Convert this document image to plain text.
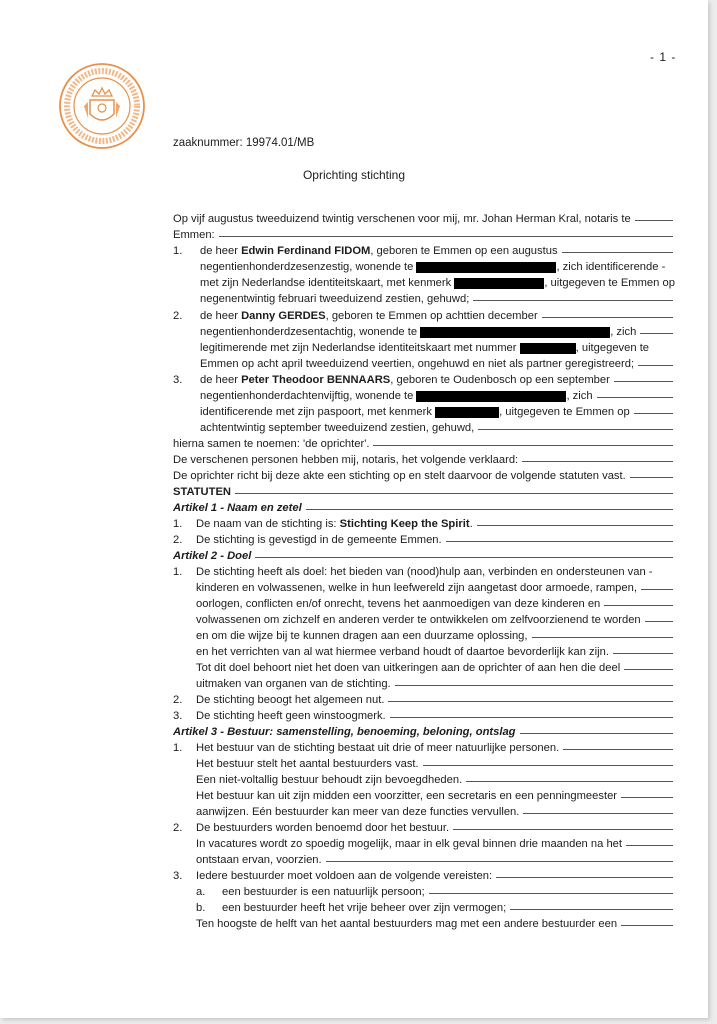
- 1 -
zaaknummer: 19974.01/MB
Oprichting stichting
Op vijf augustus tweeduizend twintig verschenen voor mij, mr. Johan Herman Kral, notaris te
Emmen:
1. de heer Edwin Ferdinand FIDOM, geboren te Emmen op een augustus
negentienhonderdzesenzestig, wonende te	, zich identificerende -
met zijn Nederlandse identiteitskaart, met kenmerk	, uitgegeven te Emmen op
negenentwintig februari tweeduizend zestien, gehuwd;
2. de heer Danny GERDES, geboren te Emmen op achttien december
negentienhonderdzesentachtig, wonende te	, zich
legitimerende met zijn Nederlandse identiteitskaart met nummer	, uitgegeven te
Emmen op acht april tweeduizend veertien, ongehuwd en niet als partner geregistreerd;
3. de heer Peter Theodoor BENNAARS, geboren te Oudenbosch op een september
negentienhonderdachtenvijftig, wonende te	, zich
identificerende met zijn paspoort, met kenmerk	, uitgegeven te Emmen op
achtentwintig september tweeduizend zestien, gehuwd,
hierna samen te noemen: 'de oprichter'.
De verschenen personen hebben mij, notaris, het volgende verklaard:
De oprichter richt bij deze akte een stichting op en stelt daarvoor de volgende statuten vast.
STATUTEN
Artikel 1 - Naam en zetel
1. De naam van de stichting is: Stichting Keep the Spirit.
2. De stichting is gevestigd in de gemeente Emmen.
Artikel 2 - Doel
1. De stichting heeft als doel: het bieden van (nood)hulp aan, verbinden en ondersteunen van -
kinderen en volwassenen, welke in hun leefwereld zijn aangetast door armoede, rampen,
oorlogen, conflicten en/of onrecht, tevens het aanmoedigen van deze kinderen en
volwassenen om zichzelf en anderen verder te ontwikkelen om zelfvoorzienend te worden
en om die wijze bij te kunnen dragen aan een duurzame oplossing,
en het verrichten van al wat hiermee verband houdt of daartoe bevorderlijk kan zijn.
Tot dit doel behoort niet het doen van uitkeringen aan de oprichter of aan hen die deel
uitmaken van organen van de stichting.
2. De stichting beoogt het algemeen nut.
3. De stichting heeft geen winstoogmerk.
Artikel 3 - Bestuur: samenstelling, benoeming, beloning, ontslag
1. Het bestuur van de stichting bestaat uit drie of meer natuurlijke personen.
Het bestuur stelt het aantal bestuurders vast.
Een niet-voltallig bestuur behoudt zijn bevoegdheden.
Het bestuur kan uit zijn midden een voorzitter, een secretaris en een penningmeester
aanwijzen. Eén bestuurder kan meer van deze functies vervullen.
2. De bestuurders worden benoemd door het bestuur.
In vacatures wordt zo spoedig mogelijk, maar in elk geval binnen drie maanden na het
ontstaan ervan, voorzien.
3. Iedere bestuurder moet voldoen aan de volgende vereisten:
a. een bestuurder is een natuurlijk persoon;
b. een bestuurder heeft het vrije beheer over zijn vermogen;
Ten hoogste de helft van het aantal bestuurders mag met een andere bestuurder een
